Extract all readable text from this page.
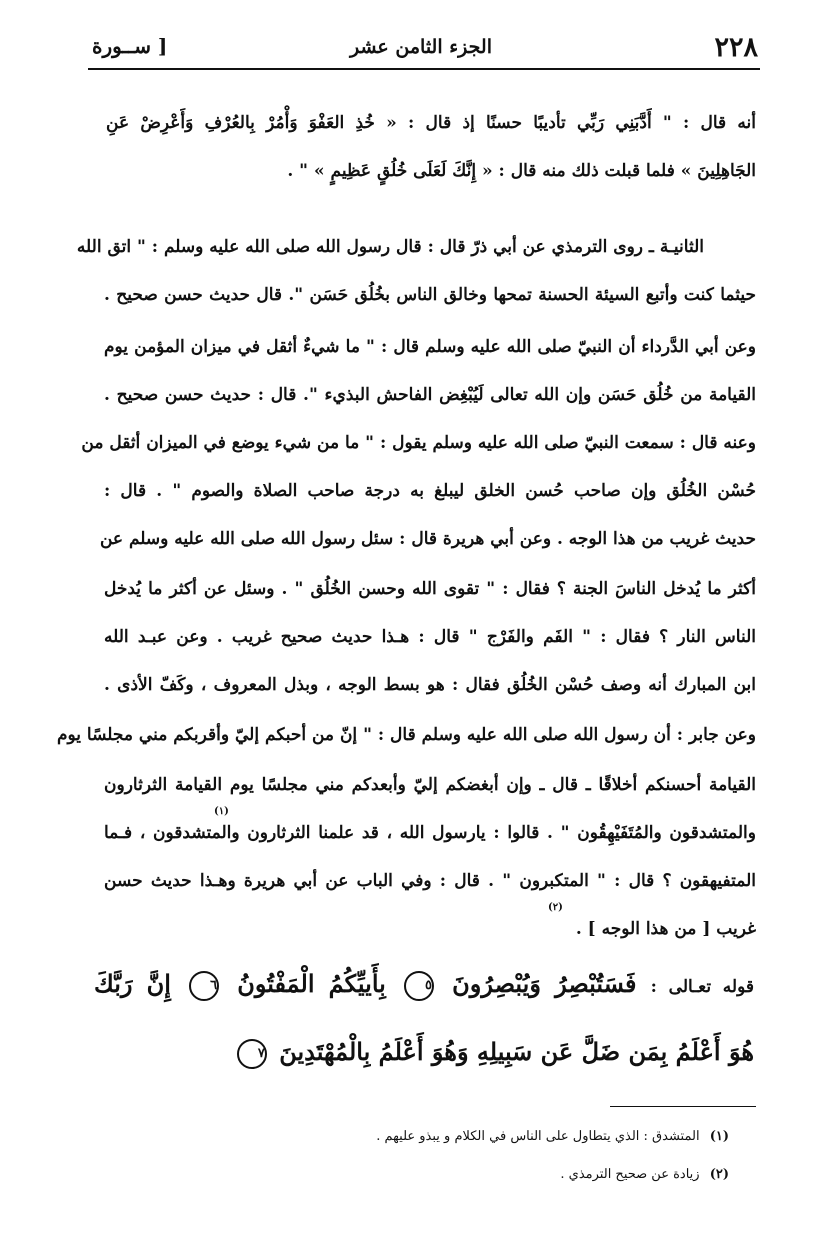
٢٢٨
الجزء الثامن عشر
[ ســورة
أنه قال : " أَدَّبَنِي رَبِّي تأديبًا حسنًا إذ قال : « خُذِ العَفْوَ وَأْمُرْ بِالعُرْفِ وَأَعْرِضْ عَنِ
الجَاهِلِينَ » فلما قبلت ذلك منه قال : « إِنَّكَ لَعَلَى خُلُقٍ عَظِيمٍ » " .
الثانيـة ـ روى الترمذي عن أبي ذرّ قال : قال رسول الله صلى الله عليه وسلم : " اتق الله
حيثما كنت وأتبع السيئة الحسنة تمحها وخالق الناس بخُلُق حَسَن ". قال حديث حسن صحيح .
وعن أبي الدَّرداء أن النبيّ صلى الله عليه وسلم قال : " ما شيءٌ أثقل في ميزان المؤمن يوم
القيامة من خُلُق حَسَن وإن الله تعالى لَيُبْغِض الفاحش البذيء ". قال : حديث حسن صحيح .
وعنه قال : سمعت النبيّ صلى الله عليه وسلم يقول : " ما من شيء يوضع في الميزان أثقل من
حُسْن الخُلُق وإن صاحب حُسن الخلق ليبلغ به درجة صاحب الصلاة والصوم " . قال :
حديث غريب من هذا الوجه . وعن أبي هريرة قال : سئل رسول الله صلى الله عليه وسلم عن
أكثر ما يُدخل الناسَ الجنة ؟ فقال : " تقوى الله وحسن الخُلُق " . وسئل عن أكثر ما يُدخل
الناس النار ؟ فقال : " الفَم والفَرْج " قال : هـذا حديث صحيح غريب . وعن عبـد الله
ابن المبارك أنه وصف حُسْن الخُلُق فقال : هو بسط الوجه ، وبذل المعروف ، وكَفّ الأذى .
وعن جابر : أن رسول الله صلى الله عليه وسلم قال : " إنّ من أحبكم إليّ وأقربكم مني مجلسًا يوم
القيامة أحسنكم أخلاقًا ـ قال ـ وإن أبغضكم إليّ وأبعدكم مني مجلسًا يوم القيامة الثرثارون
والمتشدقون والمُتَفَيْهِقُون " . قالوا : يارسول الله ، قد علمنا الثرثارون والمتشدقون ، فـما
المتفيهقون ؟ قال : " المتكبرون " . قال : وفي الباب عن أبي هريرة وهـذا حديث حسن
غريب [ من هذا الوجه ] .
(١)
(٢)
قوله تعـالى : فَسَتُبْصِرُ وَيُبْصِرُونَ ٥ بِأَييِّكُمُ الْمَفْتُونُ ٦ إِنَّ رَبَّكَ
هُوَ أَعْلَمُ بِمَن ضَلَّ عَن سَبِيلِهِ وَهُوَ أَعْلَمُ بِالْمُهْتَدِينَ ٧
(١) المتشدق : الذي يتطاول على الناس في الكلام و يبذو عليهم .
(٢) زيادة عن صحيح الترمذي .
